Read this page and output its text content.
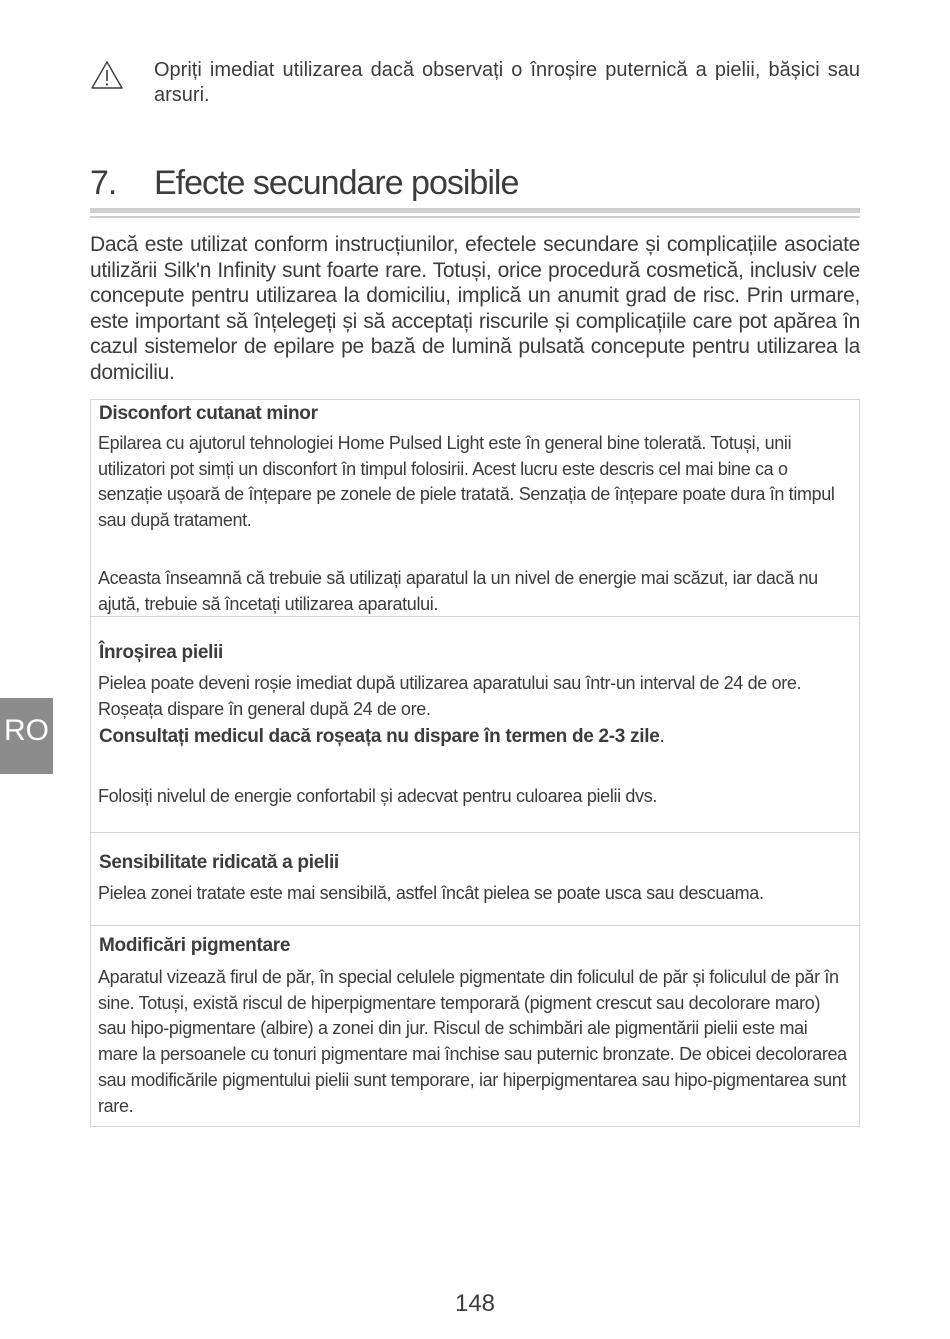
Opriți imediat utilizarea dacă observați o înroșire puternică a pielii, bășici sau arsuri.
7. Efecte secundare posibile
Dacă este utilizat conform instrucțiunilor, efectele secundare și complicațiile asociate utilizării Silk'n Infinity sunt foarte rare. Totuși, orice procedură cosmetică, inclusiv cele concepute pentru utilizarea la domiciliu, implică un anumit grad de risc. Prin urmare, este important să înțelegeți și să acceptați riscurile și complicațiile care pot apărea în cazul sistemelor de epilare pe bază de lumină pulsată concepute pentru utilizarea la domiciliu.
Disconfort cutanat minor
Epilarea cu ajutorul tehnologiei Home Pulsed Light este în general bine tolerată. Totuși, unii utilizatori pot simți un disconfort în timpul folosirii. Acest lucru este descris cel mai bine ca o senzație ușoară de înțepare pe zonele de piele tratată. Senzația de înțepare poate dura în timpul sau după tratament.
Aceasta înseamnă că trebuie să utilizați aparatul la un nivel de energie mai scăzut, iar dacă nu ajută, trebuie să încetați utilizarea aparatului.
Înroșirea pielii
Pielea poate deveni roșie imediat după utilizarea aparatului sau într-un interval de 24 de ore. Roșeața dispare în general după 24 de ore.
Consultați medicul dacă roșeața nu dispare în termen de 2-3 zile.
Folosiți nivelul de energie confortabil și adecvat pentru culoarea pielii dvs.
Sensibilitate ridicată a pielii
Pielea zonei tratate este mai sensibilă, astfel încât pielea se poate usca sau descuama.
Modificări pigmentare
Aparatul vizează firul de păr, în special celulele pigmentate din foliculul de păr și foliculul de păr în sine. Totuși, există riscul de hiperpigmentare temporară (pigment crescut sau decolorare maro) sau hipo-pigmentare (albire) a zonei din jur. Riscul de schimbări ale pigmentării pielii este mai mare la persoanele cu tonuri pigmentare mai închise sau puternic bronzate. De obicei decolorarea sau modificările pigmentului pielii sunt temporare, iar hiperpigmentarea sau hipo-pigmentarea sunt rare.
RO
148
